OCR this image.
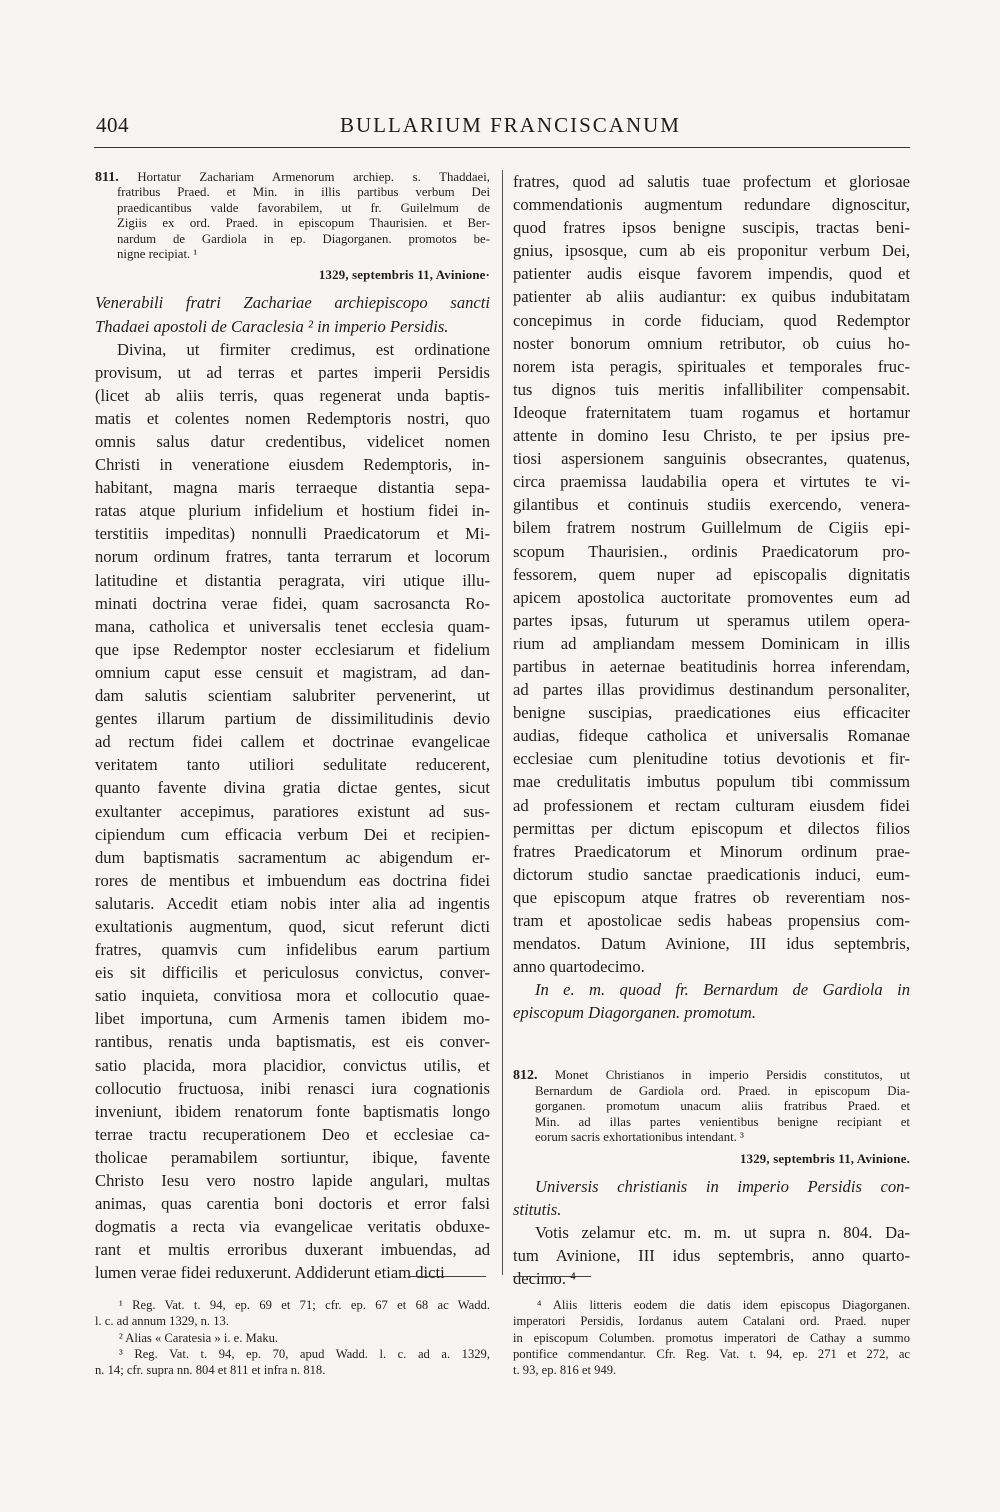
404	BULLARIUM FRANCISCANUM
811. Hortatur Zachariam Armenorum archiep. s. Thaddaei,
fratribus Praed. et Min. in illis partibus verbum Dei
praedicantibus valde favorabilem, ut fr. Guilelmum de
Zigiis ex ord. Praed. in episcopum Thaurisien. et Ber-
nardum de Gardiola in ep. Diagorganen. promotos be-
nigne recipiat. ¹
1329, septembris 11, Avinione·
Venerabili fratri Zachariae archiepiscopo sancti
Thadaei apostoli de Caraclesia ² in imperio Persidis.
Divina, ut firmiter credimus, est ordinatione
provisum, ut ad terras et partes imperii Persidis
(licet ab aliis terris, quas regenerat unda baptis-
matis et colentes nomen Redemptoris nostri, quo
omnis salus datur credentibus, videlicet nomen
Christi in veneratione eiusdem Redemptoris, in-
habitant, magna maris terraeque distantia sepa-
ratas atque plurium infidelium et hostium fidei in-
terstitiis impeditas) nonnulli Praedicatorum et Mi-
norum ordinum fratres, tanta terrarum et locorum
latitudine et distantia peragrata, viri utique illu-
minati doctrina verae fidei, quam sacrosancta Ro-
mana, catholica et universalis tenet ecclesia quam-
que ipse Redemptor noster ecclesiarum et fidelium
omnium caput esse censuit et magistram, ad dan-
dam salutis scientiam salubriter pervenerint, ut
gentes illarum partium de dissimilitudinis devio
ad rectum fidei callem et doctrinae evangelicae
veritatem tanto utiliori sedulitate reducerent,
quanto favente divina gratia dictae gentes, sicut
exultanter accepimus, paratiores existunt ad sus-
cipiendum cum efficacia verbum Dei et recipien-
dum baptismatis sacramentum ac abigendum er-
rores de mentibus et imbuendum eas doctrina fidei
salutaris. Accedit etiam nobis inter alia ad ingentis
exultationis augmentum, quod, sicut referunt dicti
fratres, quamvis cum infidelibus earum partium
eis sit difficilis et periculosus convictus, conver-
satio inquieta, convitiosa mora et collocutio quae-
libet importuna, cum Armenis tamen ibidem mo-
rantibus, renatis unda baptismatis, est eis conver-
satio placida, mora placidior, convictus utilis, et
collocutio fructuosa, inibi renasci iura cognationis
inveniunt, ibidem renatorum fonte baptismatis longo
terrae tractu recuperationem Deo et ecclesiae ca-
tholicae peramabilem sortiuntur, ibique, favente
Christo Iesu vero nostro lapide angulari, multas
animas, quas carentia boni doctoris et error falsi
dogmatis a recta via evangelicae veritatis obduxe-
rant et multis erroribus duxerant imbuendas, ad
lumen verae fidei reduxerunt. Addiderunt etiam dicti
fratres, quod ad salutis tuae profectum et gloriosae
commendationis augmentum redundare dignoscitur,
quod fratres ipsos benigne suscipis, tractas beni-
gnius, ipsosque, cum ab eis proponitur verbum Dei,
patienter audis eisque favorem impendis, quod et
patienter ab aliis audiantur: ex quibus indubitatam
concepimus in corde fiduciam, quod Redemptor
noster bonorum omnium retributor, ob cuius ho-
norem ista peragis, spirituales et temporales fruc-
tus dignos tuis meritis infallibiliter compensabit.
Ideoque fraternitatem tuam rogamus et hortamur
attente in domino Iesu Christo, te per ipsius pre-
tiosi aspersionem sanguinis obsecrantes, quatenus,
circa praemissa laudabilia opera et virtutes te vi-
gilantibus et continuis studiis exercendo, venera-
bilem fratrem nostrum Guillelmum de Cigiis epi-
scopum Thaurisien., ordinis Praedicatorum pro-
fessorem, quem nuper ad episcopalis dignitatis
apicem apostolica auctoritate promoventes eum ad
partes ipsas, futurum ut speramus utilem opera-
rium ad ampliandam messem Dominicam in illis
partibus in aeternae beatitudinis horrea inferendam,
ad partes illas providimus destinandum personaliter,
benigne suscipias, praedicationes eius efficaciter
audias, fideque catholica et universalis Romanae
ecclesiae cum plenitudine totius devotionis et fir-
mae credulitatis imbutus populum tibi commissum
ad professionem et rectam culturam eiusdem fidei
permittas per dictum episcopum et dilectos filios
fratres Praedicatorum et Minorum ordinum prae-
dictorum studio sanctae praedicationis induci, eum-
que episcopum atque fratres ob reverentiam nos-
tram et apostolicae sedis habeas propensius com-
mendatos. Datum Avinione, III idus septembris,
anno quartodecimo.
In e. m. quoad fr. Bernardum de Gardiola in
episcopum Diagorganen. promotum.
812. Monet Christianos in imperio Persidis constitutos, ut
Bernardum de Gardiola ord. Praed. in episcopum Dia-
gorganen. promotum unacum aliis fratribus Praed. et
Min. ad illas partes venientibus benigne recipiant et
eorum sacris exhortationibus intendant. ³
1329, septembris 11, Avinione.
Universis christianis in imperio Persidis con-
stitutis.
Votis zelamur etc. m. m. ut supra n. 804. Da-
tum Avinione, III idus septembris, anno quarto-
decimo. ⁴
¹ Reg. Vat. t. 94, ep. 69 et 71; cfr. ep. 67 et 68 ac Wadd.
l. c. ad annum 1329, n. 13.
² Alias « Caratesia » i. e. Maku.
³ Reg. Vat. t. 94, ep. 70, apud Wadd. l. c. ad a. 1329,
n. 14; cfr. supra nn. 804 et 811 et infra n. 818.
⁴ Aliis litteris eodem die datis idem episcopus Diagorganen.
imperatori Persidis, Iordanus autem Catalani ord. Praed. nuper
in episcopum Columben. promotus imperatori de Cathay a summo
pontifice commendantur. Cfr. Reg. Vat. t. 94, ep. 271 et 272, ac
t. 93, ep. 816 et 949.
